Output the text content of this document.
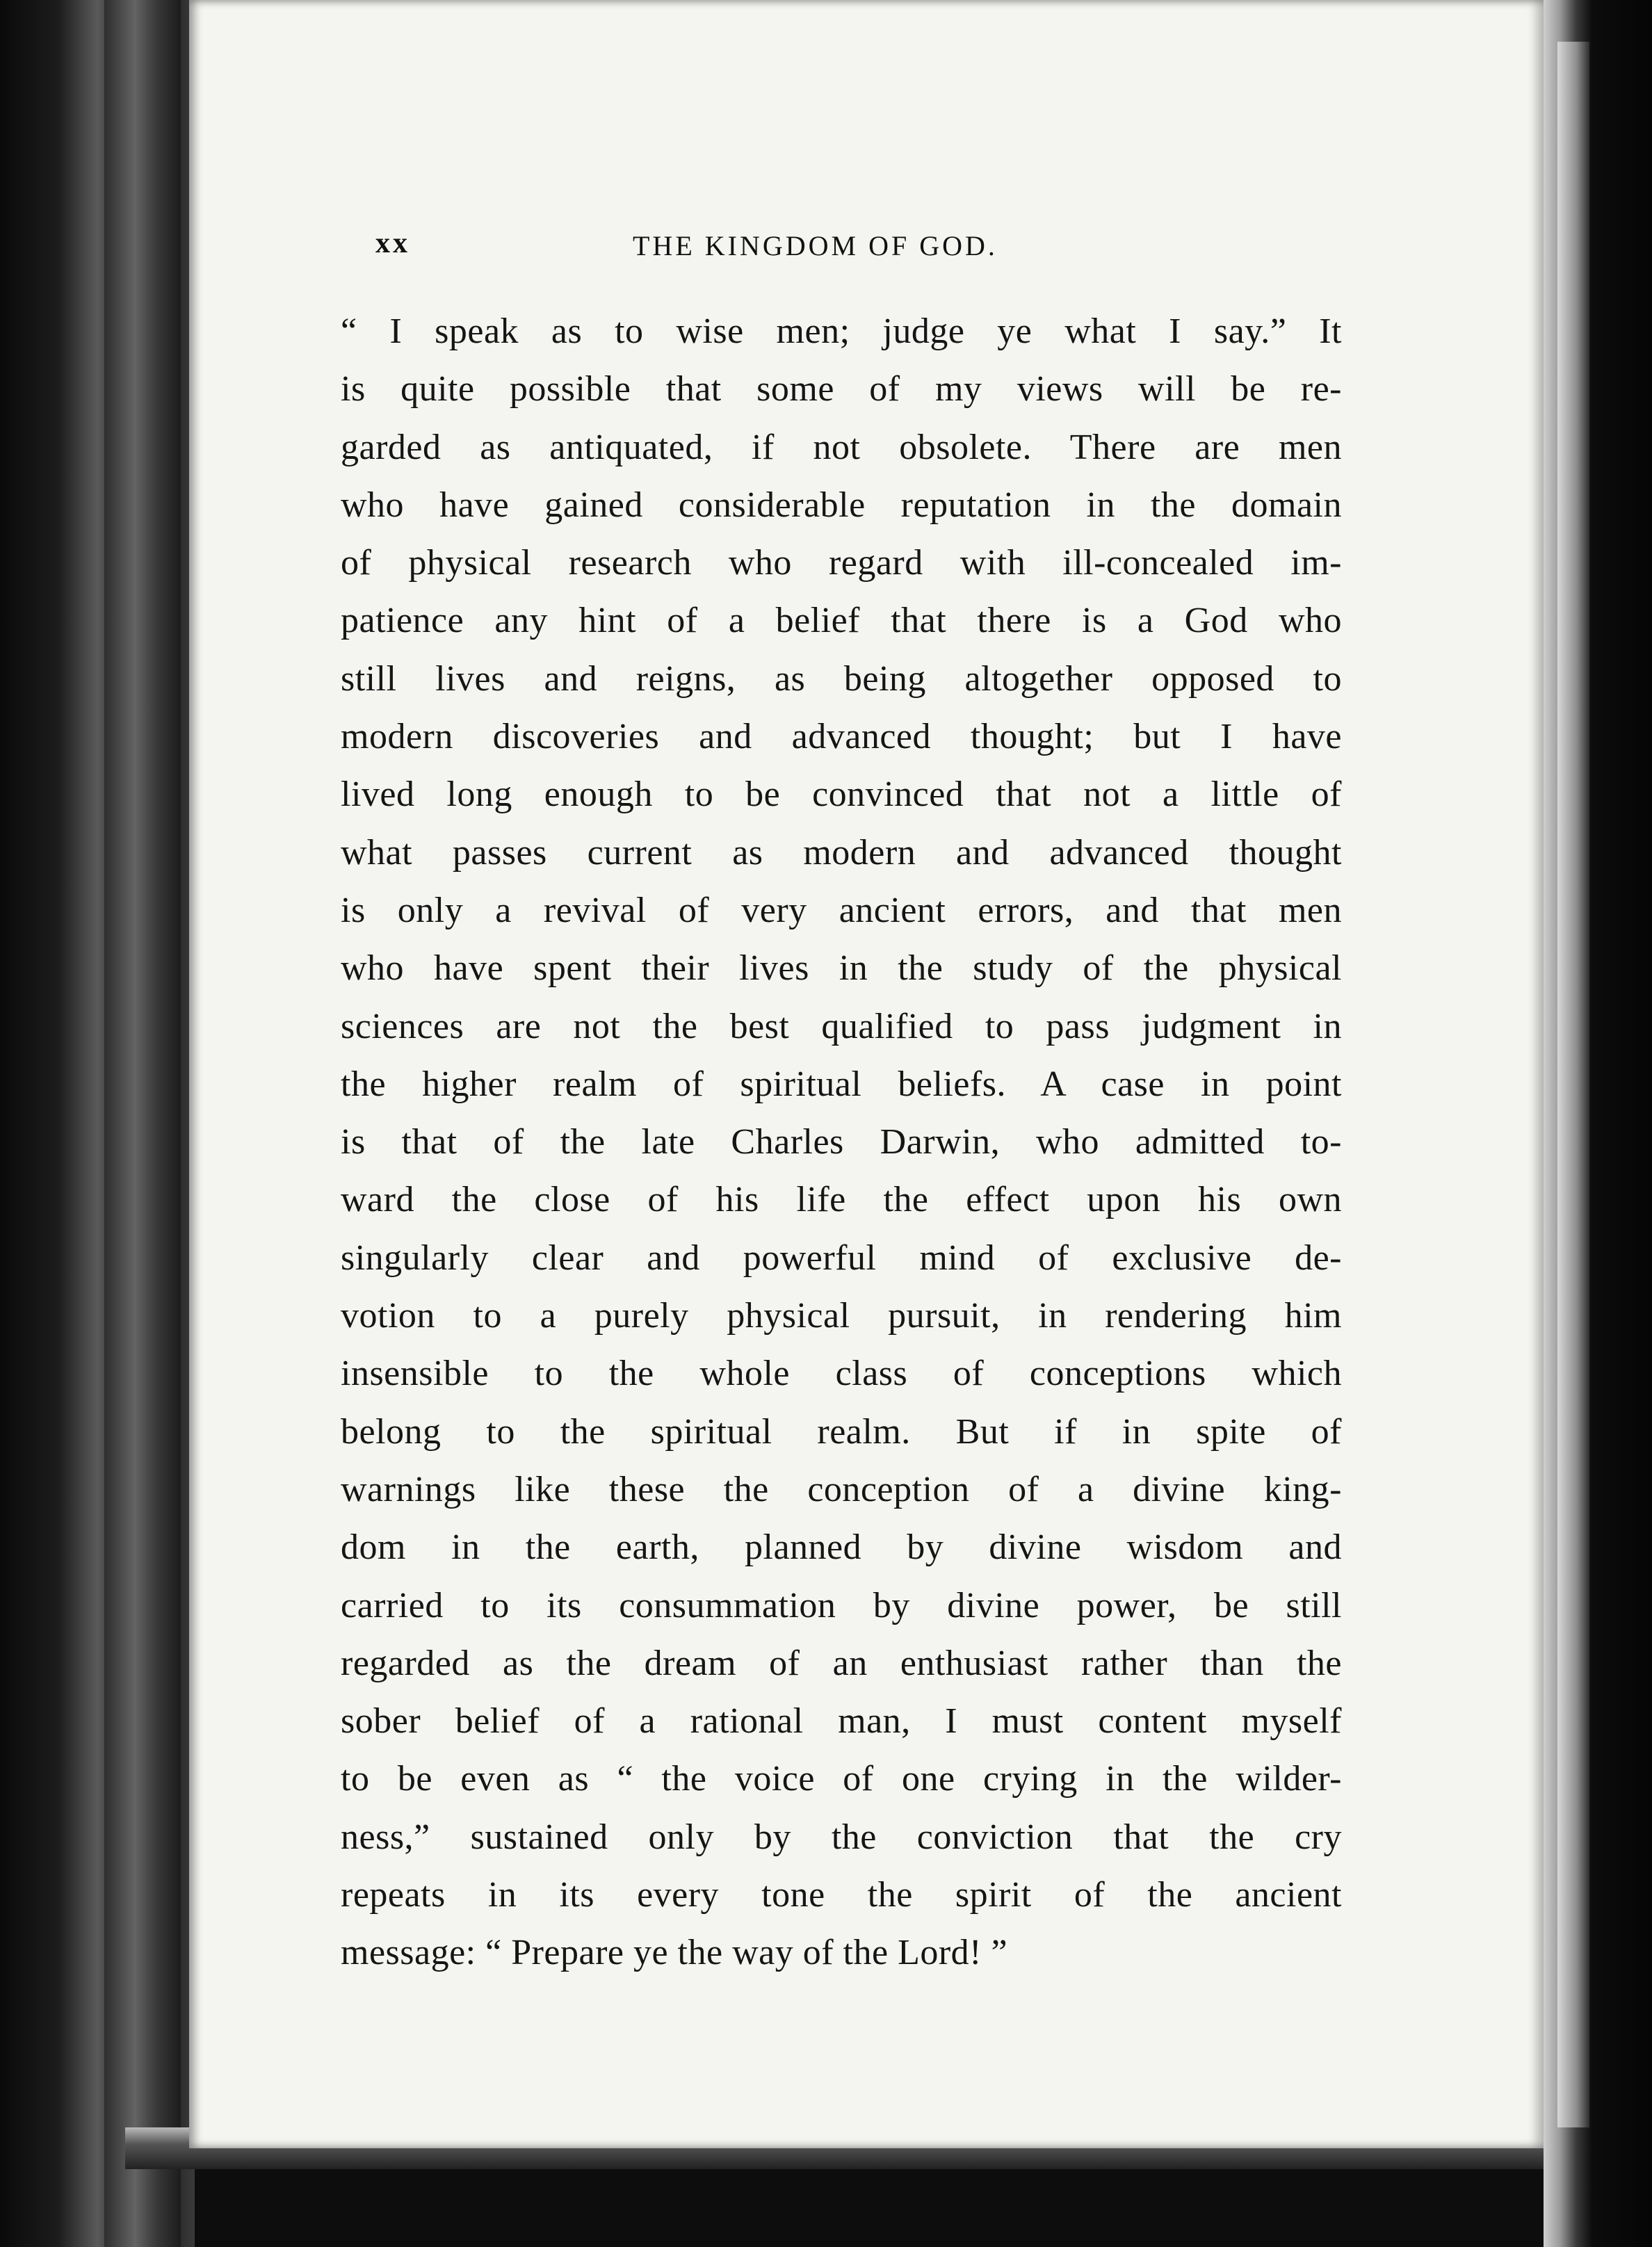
xx	THE KINGDOM OF GOD.
“ I speak as to wise men; judge ye what I say.” It
is quite possible that some of my views will be re-
garded as antiquated, if not obsolete. There are men
who have gained considerable reputation in the domain
of physical research who regard with ill-concealed im-
patience any hint of a belief that there is a God who
still lives and reigns, as being altogether opposed to
modern discoveries and advanced thought; but I have
lived long enough to be convinced that not a little of
what passes current as modern and advanced thought
is only a revival of very ancient errors, and that men
who have spent their lives in the study of the physical
sciences are not the best qualified to pass judgment in
the higher realm of spiritual beliefs. A case in point
is that of the late Charles Darwin, who admitted to-
ward the close of his life the effect upon his own
singularly clear and powerful mind of exclusive de-
votion to a purely physical pursuit, in rendering him
insensible to the whole class of conceptions which
belong to the spiritual realm. But if in spite of
warnings like these the conception of a divine king-
dom in the earth, planned by divine wisdom and
carried to its consummation by divine power, be still
regarded as the dream of an enthusiast rather than the
sober belief of a rational man, I must content myself
to be even as “ the voice of one crying in the wilder-
ness,” sustained only by the conviction that the cry
repeats in its every tone the spirit of the ancient
message: “ Prepare ye the way of the Lord! ”
